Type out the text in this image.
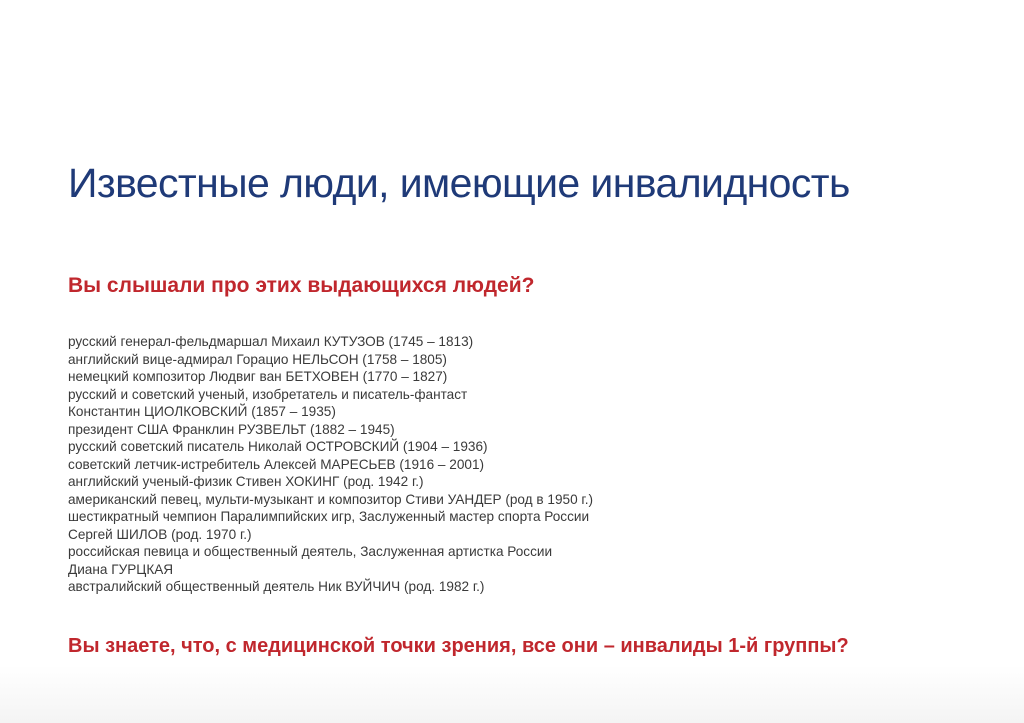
Известные люди, имеющие инвалидность
Вы слышали про этих выдающихся людей?
русский генерал-фельдмаршал Михаил КУТУЗОВ (1745 – 1813)
английский вице-адмирал Горацио НЕЛЬСОН (1758 – 1805)
немецкий композитор Людвиг ван БЕТХОВЕН (1770 – 1827)
русский и советский ученый, изобретатель и писатель-фантаст
Константин ЦИОЛКОВСКИЙ (1857 – 1935)
президент США Франклин РУЗВЕЛЬТ (1882 – 1945)
русский советский писатель Николай ОСТРОВСКИЙ (1904 – 1936)
советский летчик-истребитель Алексей МАРЕСЬЕВ (1916 – 2001)
английский ученый-физик Стивен ХОКИНГ (род. 1942 г.)
американский певец, мульти-музыкант и композитор Стиви УАНДЕР (род в 1950 г.)
шестикратный чемпион Паралимпийских игр, Заслуженный мастер спорта России
Сергей ШИЛОВ (род. 1970 г.)
российская певица и общественный деятель, Заслуженная артистка России
Диана ГУРЦКАЯ
австралийский общественный деятель Ник ВУЙЧИЧ (род. 1982 г.)
Вы знаете, что, с медицинской точки зрения, все они – инвалиды 1-й группы?
